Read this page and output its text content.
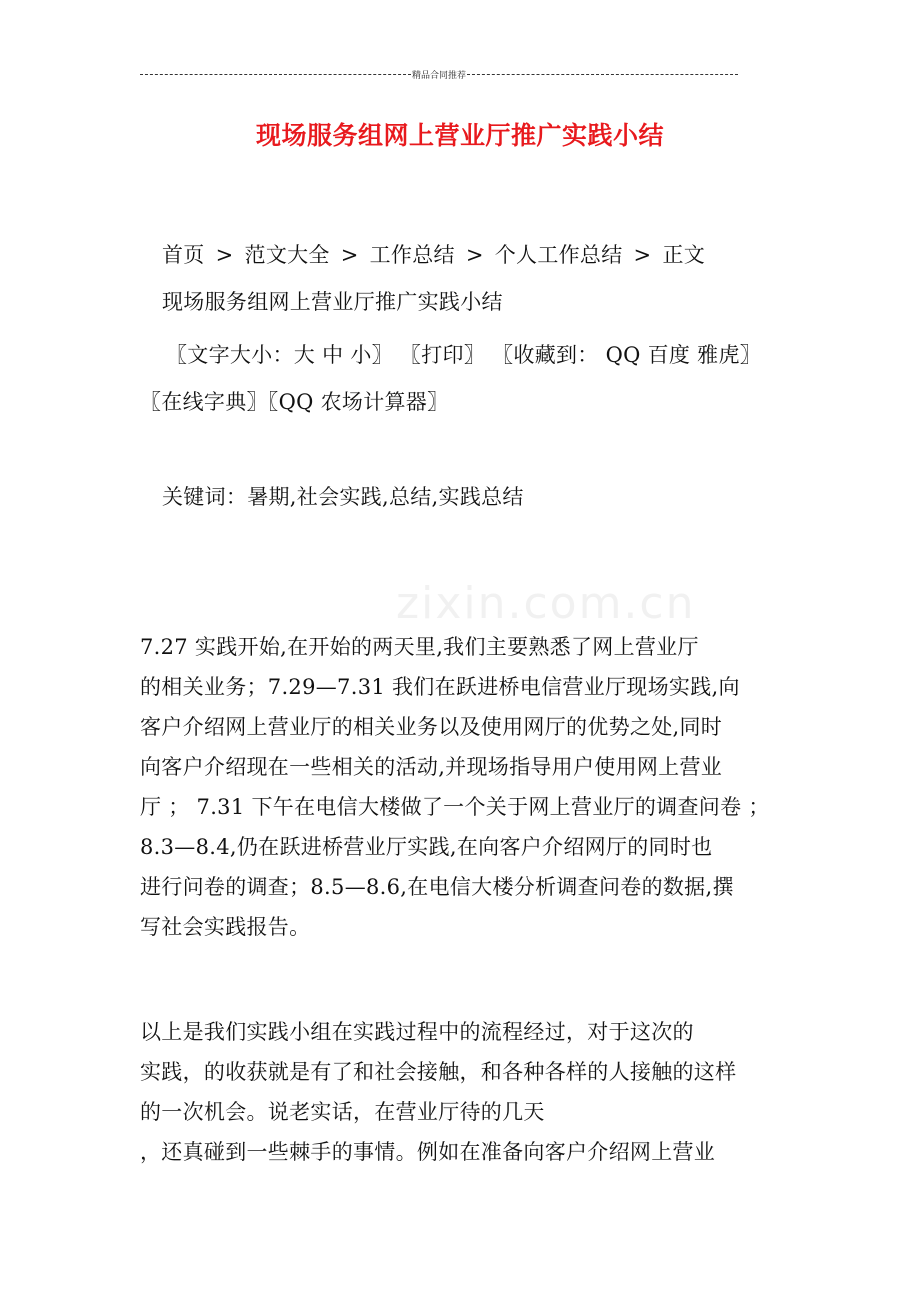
精品合同推荐
现场服务组网上营业厅推广实践小结
首页 > 范文大全 > 工作总结 > 个人工作总结 > 正文
现场服务组网上营业厅推广实践小结
〖文字大小：大 中 小〗 〖打印〗 〖收藏到： QQ 百度 雅虎〗
〖在线字典〗〖QQ 农场计算器〗
关键词：暑期,社会实践,总结,实践总结
zixin.com.cn
7.27 实践开始,在开始的两天里,我们主要熟悉了网上营业厅
的相关业务；7.29—7.31 我们在跃进桥电信营业厅现场实践,向
客户介绍网上营业厅的相关业务以及使用网厅的优势之处,同时
向客户介绍现在一些相关的活动,并现场指导用户使用网上营业
厅 ； 7.31 下午在电信大楼做了一个关于网上营业厅的调查问卷 ；
8.3—8.4,仍在跃进桥营业厅实践,在向客户介绍网厅的同时也
进行问卷的调查；8.5—8.6,在电信大楼分析调查问卷的数据,撰
写社会实践报告。
以上是我们实践小组在实践过程中的流程经过，对于这次的
实践，的收获就是有了和社会接触，和各种各样的人接触的这样
的一次机会。说老实话，在营业厅待的几天
，还真碰到一些棘手的事情。例如在准备向客户介绍网上营业
